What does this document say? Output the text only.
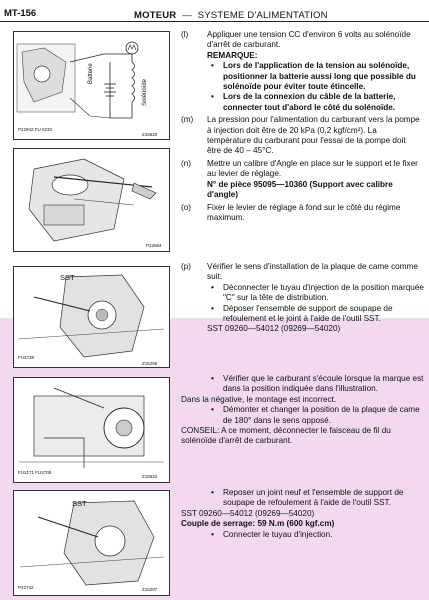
MT-156	MOTEUR — SYSTEME D'ALIMENTATION
Batterie
Solénoïde
P22942 FU 0233
Z15520
P22564
SST
FU2739
Z15286
FU2171 FU2705
Z15532
SST
P22742	Z15287
(l) Appliquer une tension CC d'environ 6 volts au solénoïde d'arrêt de carburant.
REMARQUE:
• Lors de l'application de la tension au solénoïde, positionner la batterie aussi long que possible du solénoïde pour éviter toute étincelle.
• Lors de la connexion du câble de la batterie, connecter tout d'abord le côté du solénoïde.
(m) La pression pour l'alimentation du carburant vers la pompe à injection doit être de 20 kPa (0,2 kgf/cm²). La température du carburant pour l'essai de la pompe doit être de 40 – 45°C.
(n) Mettre un calibre d'Angle en place sur le support et le fixer au levier de réglage.
N° de pièce 95095—10360 (Support avec calibre d'angle)
(o) Fixer le levier de réglage à fond sur le côté du régime maximum.
(p) Vérifier le sens d'installation de la plaque de came comme suit:
• Déconnecter le tuyau d'injection de la position marquée "C" sur la tête de distribution.
• Déposer l'ensemble de support de soupape de refoulement et le joint à l'aide de l'outil SST.
SST 09260—54012 (09269—54020)
• Vérifier que le carburant s'écoule lorsque la marque est dans la position indiquée dans l'illustration.
Dans la négative, le montage est incorrect.
• Démonter et changer la position de la plaque de came de 180° dans le sens opposé.
CONSEIL: A ce moment, déconnecter le faisceau de fil du solénoïde d'arrêt de carburant.
• Reposer un joint neuf et l'ensemble de support de soupape de refoulement à l'aide de l'outil SST.
SST 09260—54012 (09269—54020)
Couple de serrage: 59 N.m (600 kgf.cm)
• Connecter le tuyau d'injection.
